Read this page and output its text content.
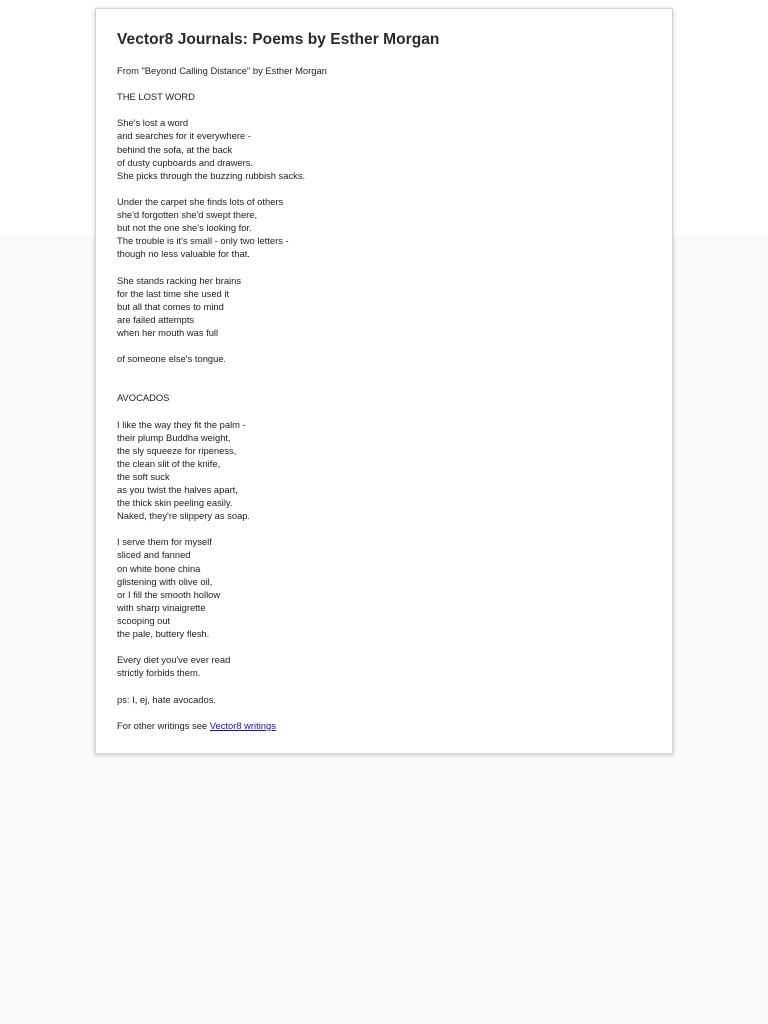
Vector8 Journals: Poems by Esther Morgan
From "Beyond Calling Distance" by Esther Morgan
THE LOST WORD
She's lost a word
and searches for it everywhere -
behind the sofa, at the back
of dusty cupboards and drawers.
She picks through the buzzing rubbish sacks.
Under the carpet she finds lots of others
she'd forgotten she'd swept there,
but not the one she's looking for.
The trouble is it's small - only two letters -
though no less valuable for that.
She stands racking her brains
for the last time she used it
but all that comes to mind
are failed attempts
when her mouth was full
of someone else's tongue.
AVOCADOS
I like the way they fit the palm -
their plump Buddha weight,
the sly squeeze for ripeness,
the clean slit of the knife,
the soft suck
as you twist the halves apart,
the thick skin peeling easily.
Naked, they're slippery as soap.
I serve them for myself
sliced and fanned
on white bone china
glistening with olive oil,
or I fill the smooth hollow
with sharp vinaigrette
scooping out
the pale, buttery flesh.
Every diet you've ever read
strictly forbids them.
ps: I, ej, hate avocados.
For other writings see Vector8 writings
